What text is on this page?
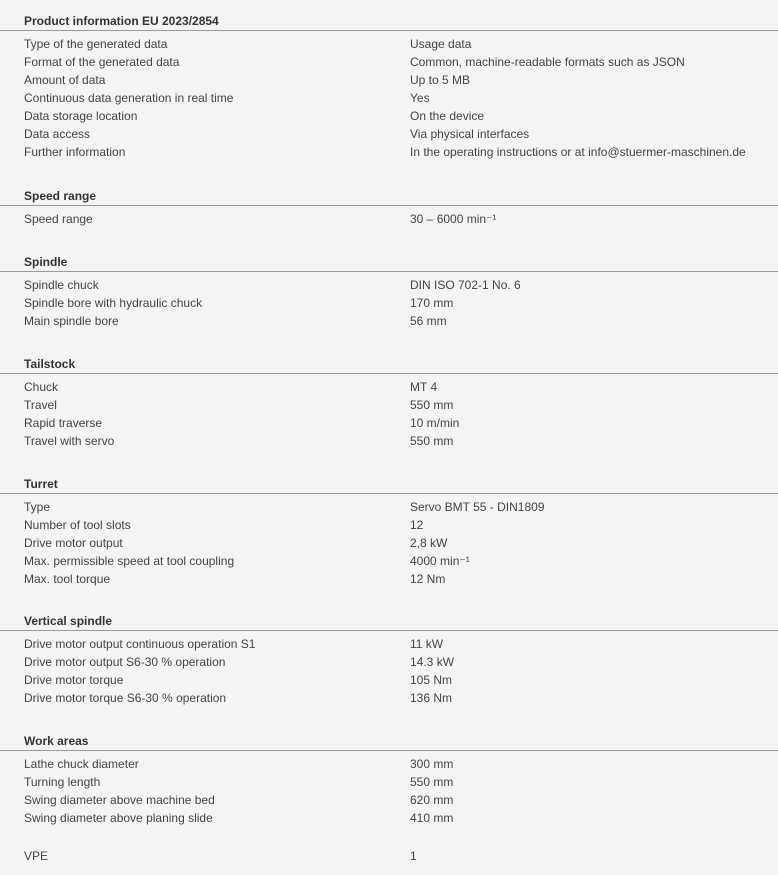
Product information EU 2023/2854
Type of the generated data	Usage data
Format of the generated data	Common, machine-readable formats such as JSON
Amount of data	Up to 5 MB
Continuous data generation in real time	Yes
Data storage location	On the device
Data access	Via physical interfaces
Further information	In the operating instructions or at info@stuermer-maschinen.de
Speed range
Speed range	30 – 6000 min⁻¹
Spindle
Spindle chuck	DIN ISO 702-1 No. 6
Spindle bore with hydraulic chuck	170 mm
Main spindle bore	56 mm
Tailstock
Chuck	MT 4
Travel	550 mm
Rapid traverse	10 m/min
Travel with servo	550 mm
Turret
Type	Servo BMT 55 - DIN1809
Number of tool slots	12
Drive motor output	2,8 kW
Max. permissible speed at tool coupling	4000 min⁻¹
Max. tool torque	12 Nm
Vertical spindle
Drive motor output continuous operation S1	11 kW
Drive motor output S6-30 % operation	14.3 kW
Drive motor torque	105 Nm
Drive motor torque S6-30 % operation	136 Nm
Work areas
Lathe chuck diameter	300 mm
Turning length	550 mm
Swing diameter above machine bed	620 mm
Swing diameter above planing slide	410 mm
VPE	1
